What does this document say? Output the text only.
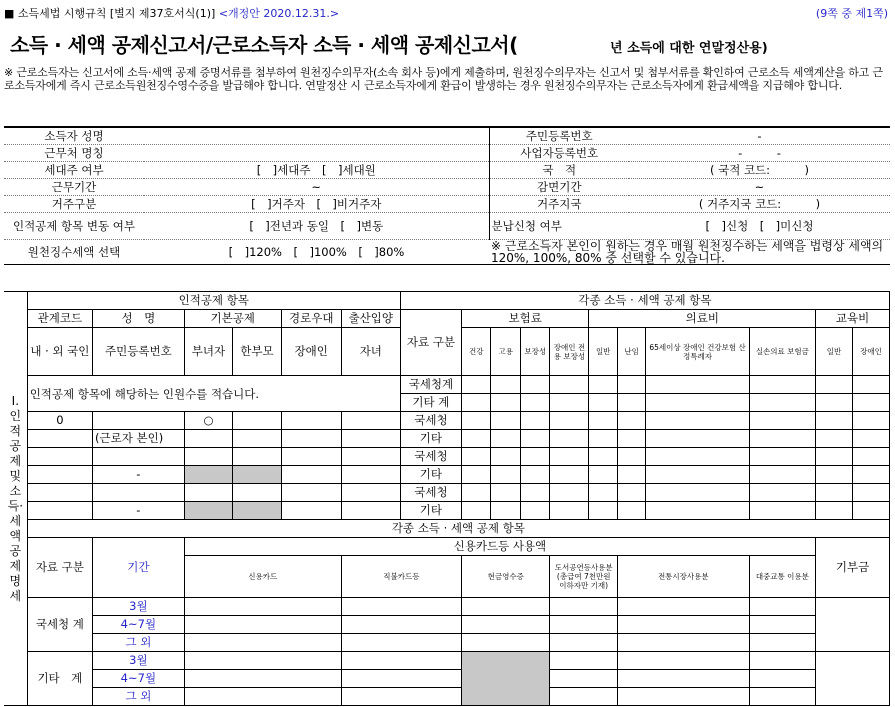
■ 소득세법 시행규칙 [별지 제37호서식(1)] <개정안 2020.12.31.>	(9쪽 중 제1쪽)
소득 · 세액 공제신고서/근로소득자 소득 · 세액 공제신고서(	년 소득에 대한 연말정산용)
※ 근로소득자는 신고서에 소득·세액 공제 증명서류를 첨부하여 원천징수의무자(소속 회사 등)에게 제출하며, 원천징수의무자는 신고서 및 첨부서류를 확인하여 근로소득 세액계산을 하고 근로소득자에게 즉시 근로소득원천징수영수증을 발급해야 합니다. 연말정산 시 근로소득자에게 환급이 발생하는 경우 원천징수의무자는 근로소득자에게 환급세액을 지급해야 합니다.
소득자 성명		주민등록번호	-
근무처 명칭		사업자등록번호	-　　　-
세대주 여부	[　]세대주　[　]세대원	국　적	( 국적 코드:　　　)
근무기간	~	감면기간	~
거주구분	[　]거주자　[　]비거주자	거주지국	( 거주지국 코드:　　　)
인적공제 항목 변동 여부	[　]전년과 동일　[　]변동	분납신청 여부	[　]신청　[　]미신청
원천징수세액 선택	[　]120%　[　]100%　[　]80%	※ 근로소득자 본인이 원하는 경우 매월 원천징수하는 세액을 법령상 세액의 120%, 100%, 80% 중 선택할 수 있습니다.	
Ⅰ. 인적공제 및 소득·세액공제 명세	인적공제 항목						각종 소득 · 세액 공제 항목										
	관계코드	성　명	기본공제		경로우대	출산입양	자료 구분	보험료				의료비				교육비	
	내 · 외 국인	주민등록번호	부녀자	한부모	장애인	자녀		건강	고용	보장성	장애인 전용 보장성	일반	난임	65세이상 장애인 건강보험 산정특례자	실손의료 보험금	일반	장애인
	인적공제 항목에 해당하는 인원수를 적습니다.						국세청계										
							기타 계										
	0		○				국세청										
		(근로자 본인)					기타										
							국세청										
		-					기타										
							국세청										
		-					기타										
	각종 소득 · 세액 공제 항목																
	자료 구분	기간	신용카드등 사용액													기부금	
			신용카드			직불카드등		현금영수증			도서공연등사용분 (총급여 7천만원 이하자만 기재)		전통시장사용분		대중교통 이용분		
	국세청 계	3월															
		4~7월															
		그 외															
	기타　계	3월															
		4~7월															
		그 외															
